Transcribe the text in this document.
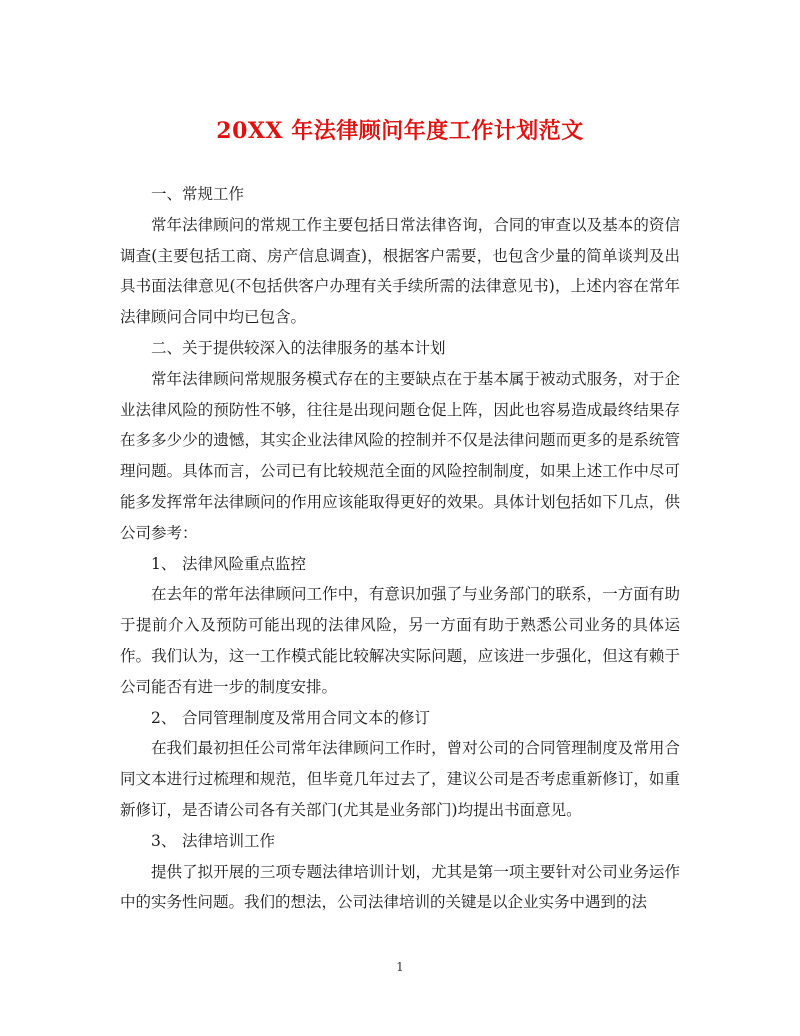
20XX 年法律顾问年度工作计划范文

一、常规工作

常年法律顾问的常规工作主要包括日常法律咨询，合同的审查以及基本的资信调查(主要包括工商、房产信息调查)，根据客户需要，也包含少量的简单谈判及出具书面法律意见(不包括供客户办理有关手续所需的法律意见书)，上述内容在常年法律顾问合同中均已包含。

二、关于提供较深入的法律服务的基本计划

常年法律顾问常规服务模式存在的主要缺点在于基本属于被动式服务，对于企业法律风险的预防性不够，往往是出现问题仓促上阵，因此也容易造成最终结果存在多多少少的遗憾，其实企业法律风险的控制并不仅是法律问题而更多的是系统管理问题。具体而言，公司已有比较规范全面的风险控制制度，如果上述工作中尽可能多发挥常年法律顾问的作用应该能取得更好的效果。具体计划包括如下几点，供公司参考：

1、 法律风险重点监控

在去年的常年法律顾问工作中，有意识加强了与业务部门的联系，一方面有助于提前介入及预防可能出现的法律风险，另一方面有助于熟悉公司业务的具体运作。我们认为，这一工作模式能比较解决实际问题，应该进一步强化，但这有赖于公司能否有进一步的制度安排。

2、 合同管理制度及常用合同文本的修订

在我们最初担任公司常年法律顾问工作时，曾对公司的合同管理制度及常用合同文本进行过梳理和规范，但毕竟几年过去了，建议公司是否考虑重新修订，如重新修订，是否请公司各有关部门(尤其是业务部门)均提出书面意见。

3、 法律培训工作

提供了拟开展的三项专题法律培训计划，尤其是第一项主要针对公司业务运作中的实务性问题。我们的想法，公司法律培训的关键是以企业实务中遇到的法

1
